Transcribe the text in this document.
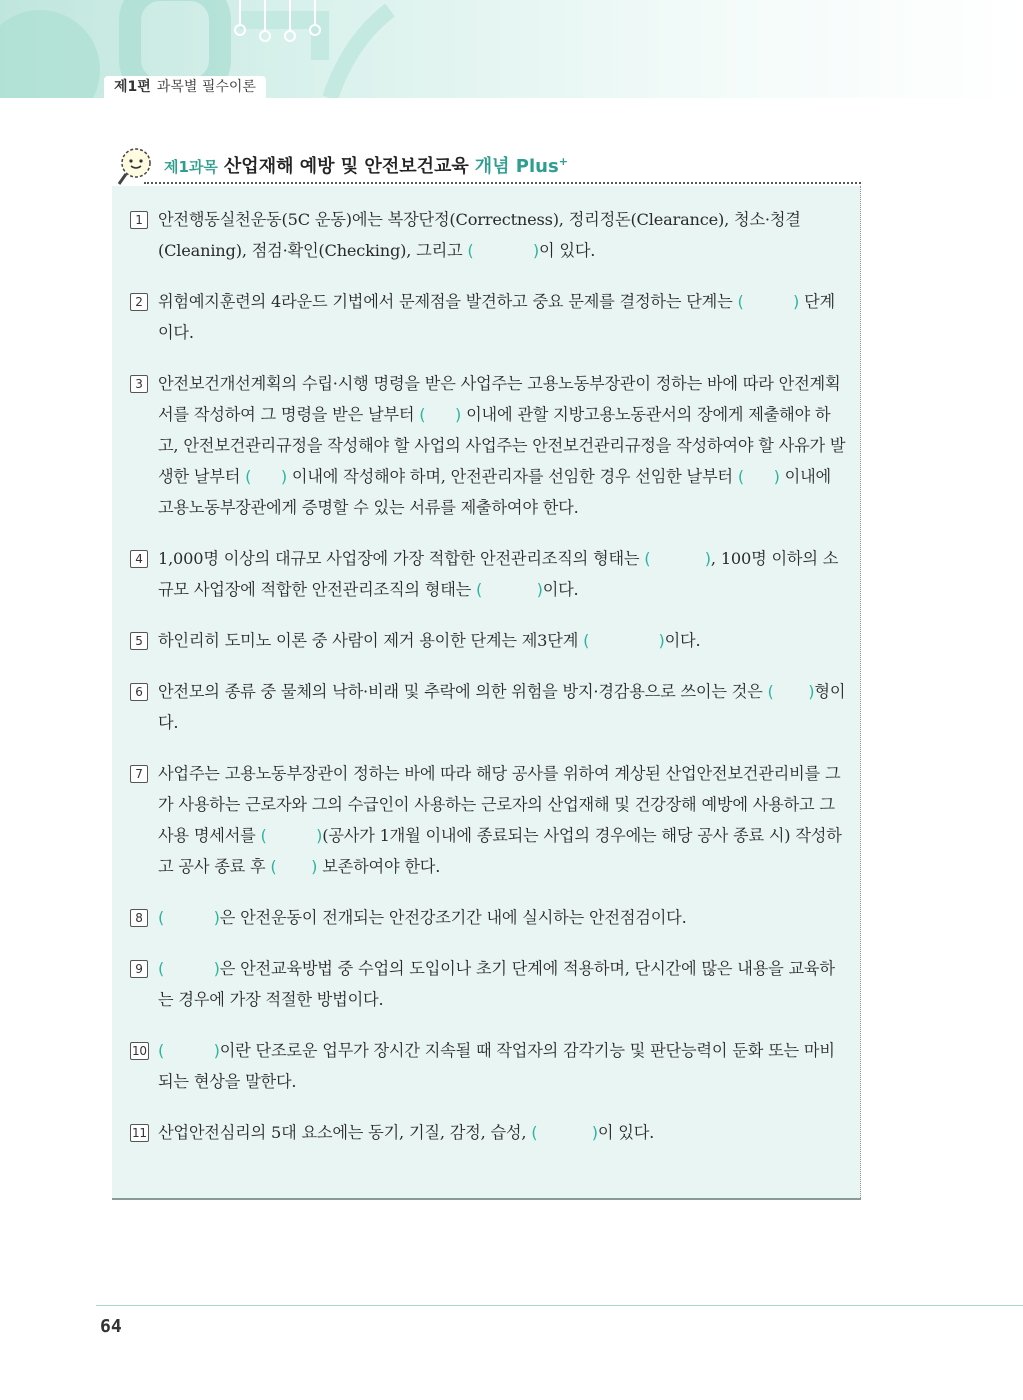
제1편 과목별 필수이론
제1과목 산업재해 예방 및 안전보건교육 개념 Plus+
1 안전행동실천운동(5C 운동)에는 복장단정(Correctness), 정리정돈(Clearance), 청소·청결(Cleaning), 점검·확인(Checking), 그리고 (            )이 있다.
2 위험예지훈련의 4라운드 기법에서 문제점을 발견하고 중요 문제를 결정하는 단계는 (          ) 단계이다.
3 안전보건개선계획의 수립·시행 명령을 받은 사업주는 고용노동부장관이 정하는 바에 따라 안전계획서를 작성하여 그 명령을 받은 날부터 (      ) 이내에 관할 지방고용노동관서의 장에게 제출해야 하고, 안전보건관리규정을 작성해야 할 사업의 사업주는 안전보건관리규정을 작성하여야 할 사유가 발생한 날부터 (      ) 이내에 작성해야 하며, 안전관리자를 선임한 경우 선임한 날부터 (      ) 이내에 고용노동부장관에게 증명할 수 있는 서류를 제출하여야 한다.
4 1,000명 이상의 대규모 사업장에 가장 적합한 안전관리조직의 형태는 (           ), 100명 이하의 소규모 사업장에 적합한 안전관리조직의 형태는 (           )이다.
5 하인리히 도미노 이론 중 사람이 제거 용이한 단계는 제3단계 (              )이다.
6 안전모의 종류 중 물체의 낙하·비래 및 추락에 의한 위험을 방지·경감용으로 쓰이는 것은 (       )형이다.
7 사업주는 고용노동부장관이 정하는 바에 따라 해당 공사를 위하여 계상된 산업안전보건관리비를 그가 사용하는 근로자와 그의 수급인이 사용하는 근로자의 산업재해 및 건강장해 예방에 사용하고 그 사용 명세서를 (          )(공사가 1개월 이내에 종료되는 사업의 경우에는 해당 공사 종료 시) 작성하고 공사 종료 후 (       ) 보존하여야 한다.
8 (          )은 안전운동이 전개되는 안전강조기간 내에 실시하는 안전점검이다.
9 (          )은 안전교육방법 중 수업의 도입이나 초기 단계에 적용하며, 단시간에 많은 내용을 교육하는 경우에 가장 적절한 방법이다.
10 (          )이란 단조로운 업무가 장시간 지속될 때 작업자의 감각기능 및 판단능력이 둔화 또는 마비되는 현상을 말한다.
11 산업안전심리의 5대 요소에는 동기, 기질, 감정, 습성, (           )이 있다.
64
